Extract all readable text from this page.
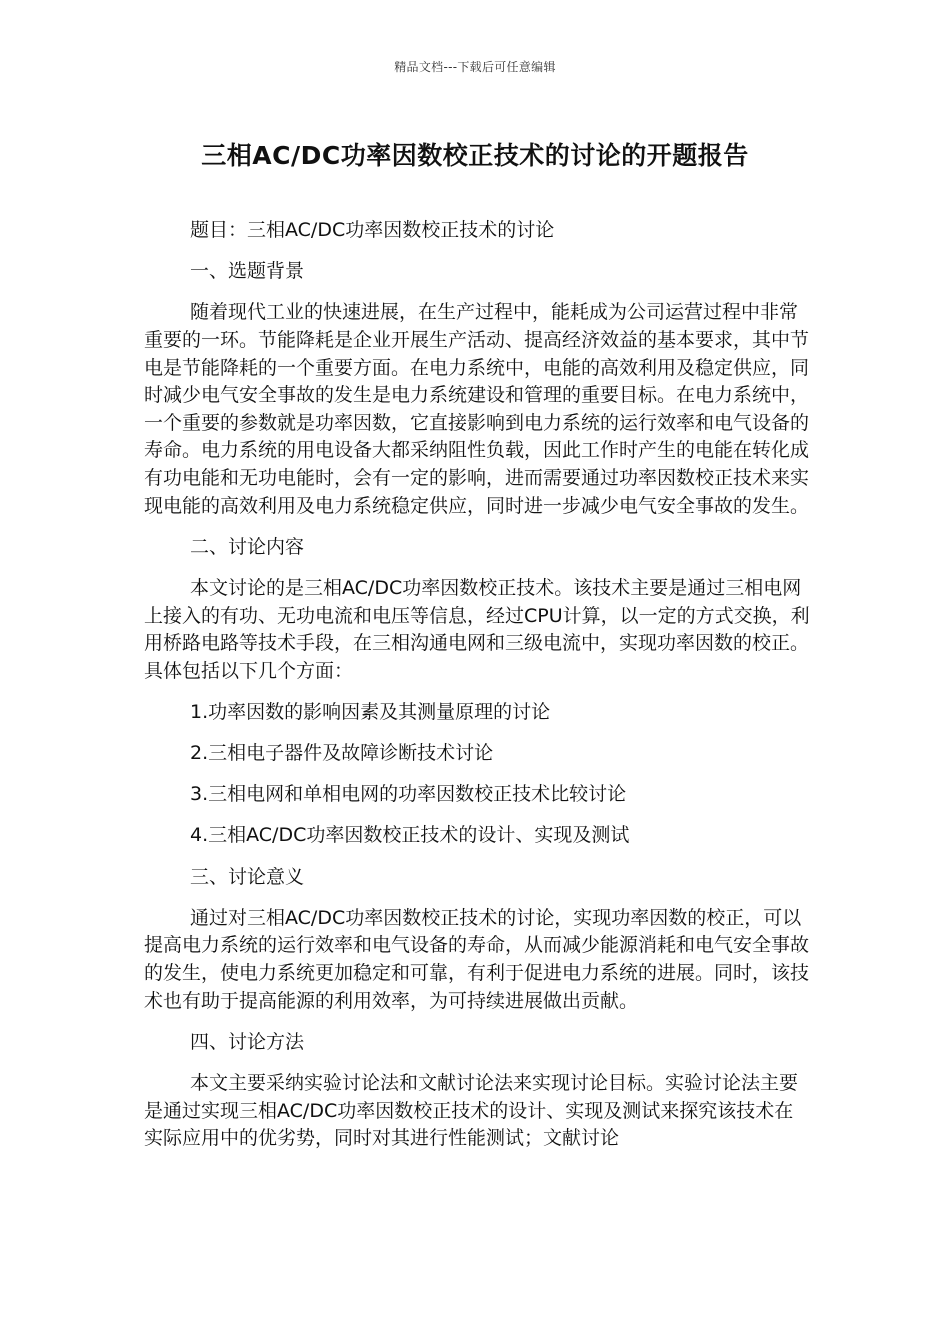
精品文档---下载后可任意编辑
三相AC/DC功率因数校正技术的讨论的开题报告

题目：三相AC/DC功率因数校正技术的讨论

一、选题背景

随着现代工业的快速进展，在生产过程中，能耗成为公司运营过程中非常重要的一环。节能降耗是企业开展生产活动、提高经济效益的基本要求，其中节电是节能降耗的一个重要方面。在电力系统中，电能的高效利用及稳定供应，同时减少电气安全事故的发生是电力系统建设和管理的重要目标。在电力系统中，一个重要的参数就是功率因数，它直接影响到电力系统的运行效率和电气设备的寿命。电力系统的用电设备大都采纳阻性负载，因此工作时产生的电能在转化成有功电能和无功电能时，会有一定的影响，进而需要通过功率因数校正技术来实现电能的高效利用及电力系统稳定供应，同时进一步减少电气安全事故的发生。

二、讨论内容

本文讨论的是三相AC/DC功率因数校正技术。该技术主要是通过三相电网上接入的有功、无功电流和电压等信息，经过CPU计算，以一定的方式交换，利用桥路电路等技术手段，在三相沟通电网和三级电流中，实现功率因数的校正。具体包括以下几个方面：

1.功率因数的影响因素及其测量原理的讨论

2.三相电子器件及故障诊断技术讨论

3.三相电网和单相电网的功率因数校正技术比较讨论

4.三相AC/DC功率因数校正技术的设计、实现及测试

三、讨论意义

通过对三相AC/DC功率因数校正技术的讨论，实现功率因数的校正，可以提高电力系统的运行效率和电气设备的寿命，从而减少能源消耗和电气安全事故的发生，使电力系统更加稳定和可靠，有利于促进电力系统的进展。同时，该技术也有助于提高能源的利用效率，为可持续进展做出贡献。

四、讨论方法

本文主要采纳实验讨论法和文献讨论法来实现讨论目标。实验讨论法主要是通过实现三相AC/DC功率因数校正技术的设计、实现及测试来探究该技术在实际应用中的优劣势，同时对其进行性能测试；文献讨论
